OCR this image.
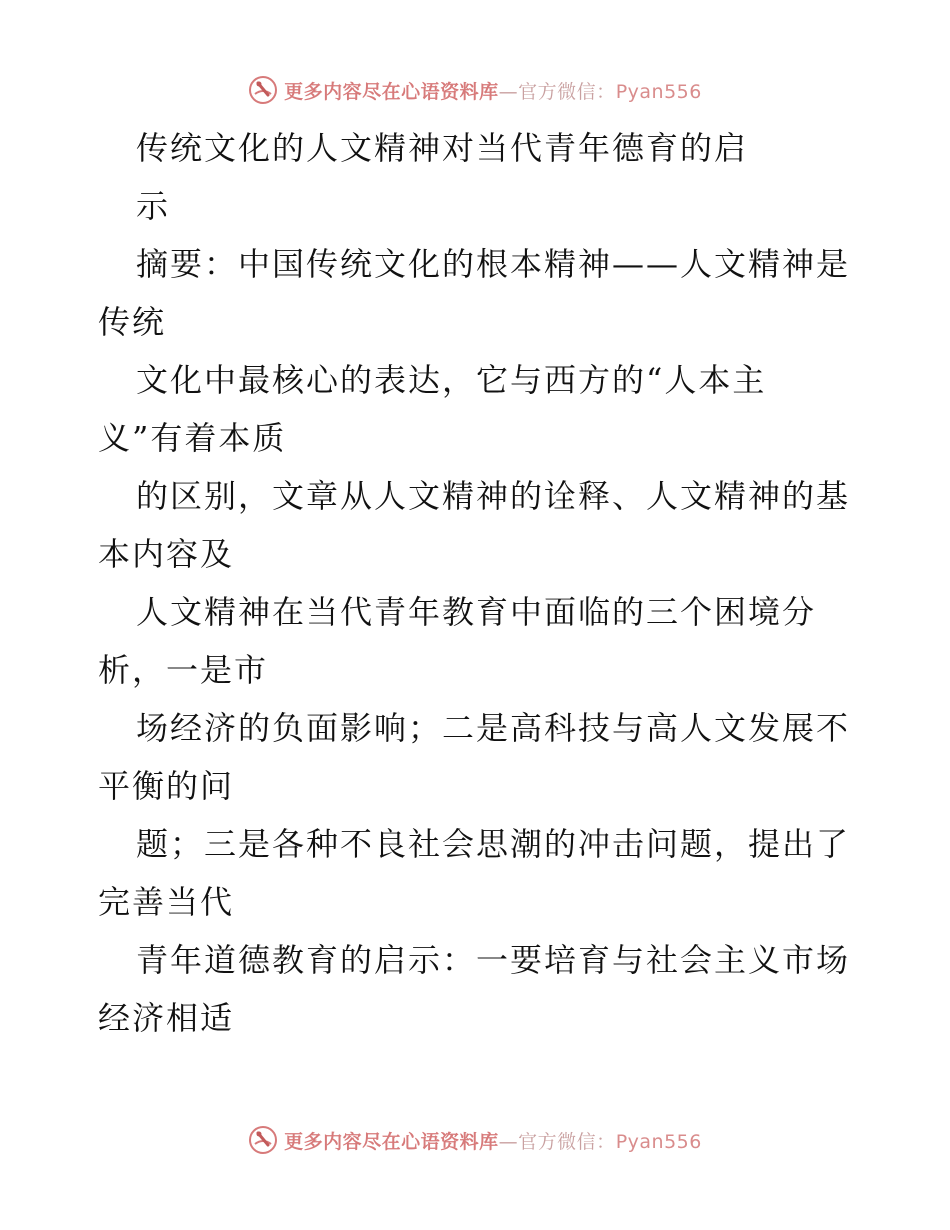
更多内容尽在心语资料库—官方微信：Pyan556
传统文化的人文精神对当代青年德育的启
示
摘要：中国传统文化的根本精神——人文精神是
传统
文化中最核心的表达，它与西方的“人本主
义”有着本质
的区别，文章从人文精神的诠释、人文精神的基
本内容及
人文精神在当代青年教育中面临的三个困境分
析，一是市
场经济的负面影响；二是高科技与高人文发展不
平衡的问
题；三是各种不良社会思潮的冲击问题，提出了
完善当代
青年道德教育的启示：一要培育与社会主义市场
经济相适
更多内容尽在心语资料库—官方微信：Pyan556
